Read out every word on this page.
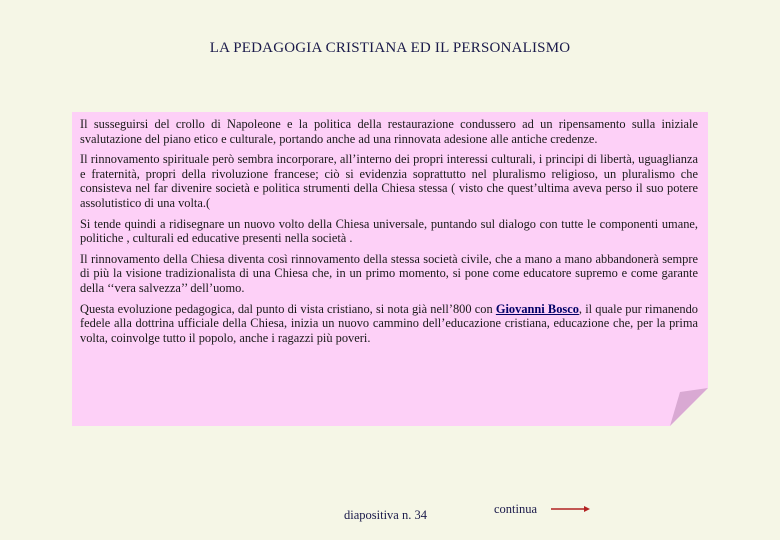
LA PEDAGOGIA CRISTIANA ED IL PERSONALISMO

Il susseguirsi del crollo di Napoleone e la politica della restaurazione condussero ad un ripensamento sulla iniziale svalutazione del piano etico e culturale, portando anche ad una rinnovata adesione alle antiche credenze.

Il rinnovamento spirituale però sembra incorporare, all’interno dei propri interessi culturali, i principi di libertà, uguaglianza e fraternità, propri della rivoluzione francese; ciò si evidenzia soprattutto nel pluralismo religioso, un pluralismo che consisteva nel far divenire società e politica strumenti della Chiesa stessa ( visto che quest’ultima aveva perso il suo potere assolutistico di una volta.(

Si tende quindi a ridisegnare un nuovo volto della Chiesa universale, puntando sul dialogo con tutte le componenti umane, politiche , culturali ed educative presenti nella società .

Il rinnovamento della Chiesa diventa così rinnovamento della stessa società civile, che a mano a mano abbandonerà sempre di più la visione tradizionalista di una Chiesa che, in un primo momento, si pone come educatore supremo e come garante della ‘‘vera salvezza’’ dell’uomo.

Questa evoluzione pedagogica, dal punto di vista cristiano, si nota già nell’800 con Giovanni Bosco, il quale pur rimanendo fedele alla dottrina ufficiale della Chiesa, inizia un nuovo cammino dell’educazione cristiana, educazione che, per la prima volta, coinvolge tutto il popolo, anche i ragazzi più poveri.

diapositiva n. 34	continua
